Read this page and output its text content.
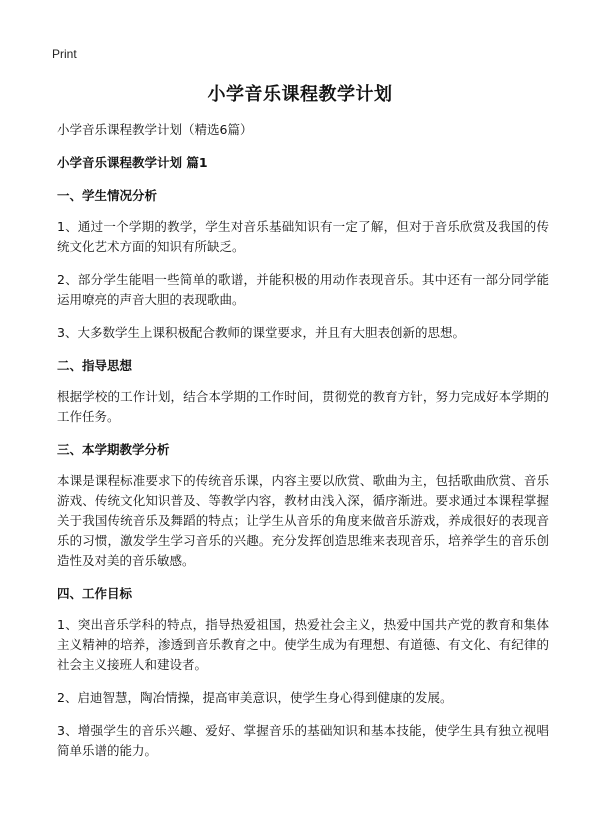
Print
小学音乐课程教学计划

小学音乐课程教学计划（精选6篇）

小学音乐课程教学计划 篇1

一、学生情况分析

1、通过一个学期的教学，学生对音乐基础知识有一定了解，但对于音乐欣赏及我国的传统文化艺术方面的知识有所缺乏。

2、部分学生能唱一些简单的歌谱，并能积极的用动作表现音乐。其中还有一部分同学能运用嘹亮的声音大胆的表现歌曲。

3、大多数学生上课积极配合教师的课堂要求，并且有大胆表创新的思想。

二、指导思想

根据学校的工作计划，结合本学期的工作时间，贯彻党的教育方针，努力完成好本学期的工作任务。

三、本学期教学分析

本课是课程标准要求下的传统音乐课，内容主要以欣赏、歌曲为主，包括歌曲欣赏、音乐游戏、传统文化知识普及、等教学内容，教材由浅入深，循序渐进。要求通过本课程掌握关于我国传统音乐及舞蹈的特点；让学生从音乐的角度来做音乐游戏，养成很好的表现音乐的习惯，激发学生学习音乐的兴趣。充分发挥创造思维来表现音乐，培养学生的音乐创造性及对美的音乐敏感。

四、工作目标

1、突出音乐学科的特点，指导热爱祖国，热爱社会主义，热爱中国共产党的教育和集体主义精神的培养，渗透到音乐教育之中。使学生成为有理想、有道德、有文化、有纪律的社会主义接班人和建设者。

2、启迪智慧，陶冶情操，提高审美意识，使学生身心得到健康的发展。

3、增强学生的音乐兴趣、爱好、掌握音乐的基础知识和基本技能，使学生具有独立视唱简单乐谱的能力。
